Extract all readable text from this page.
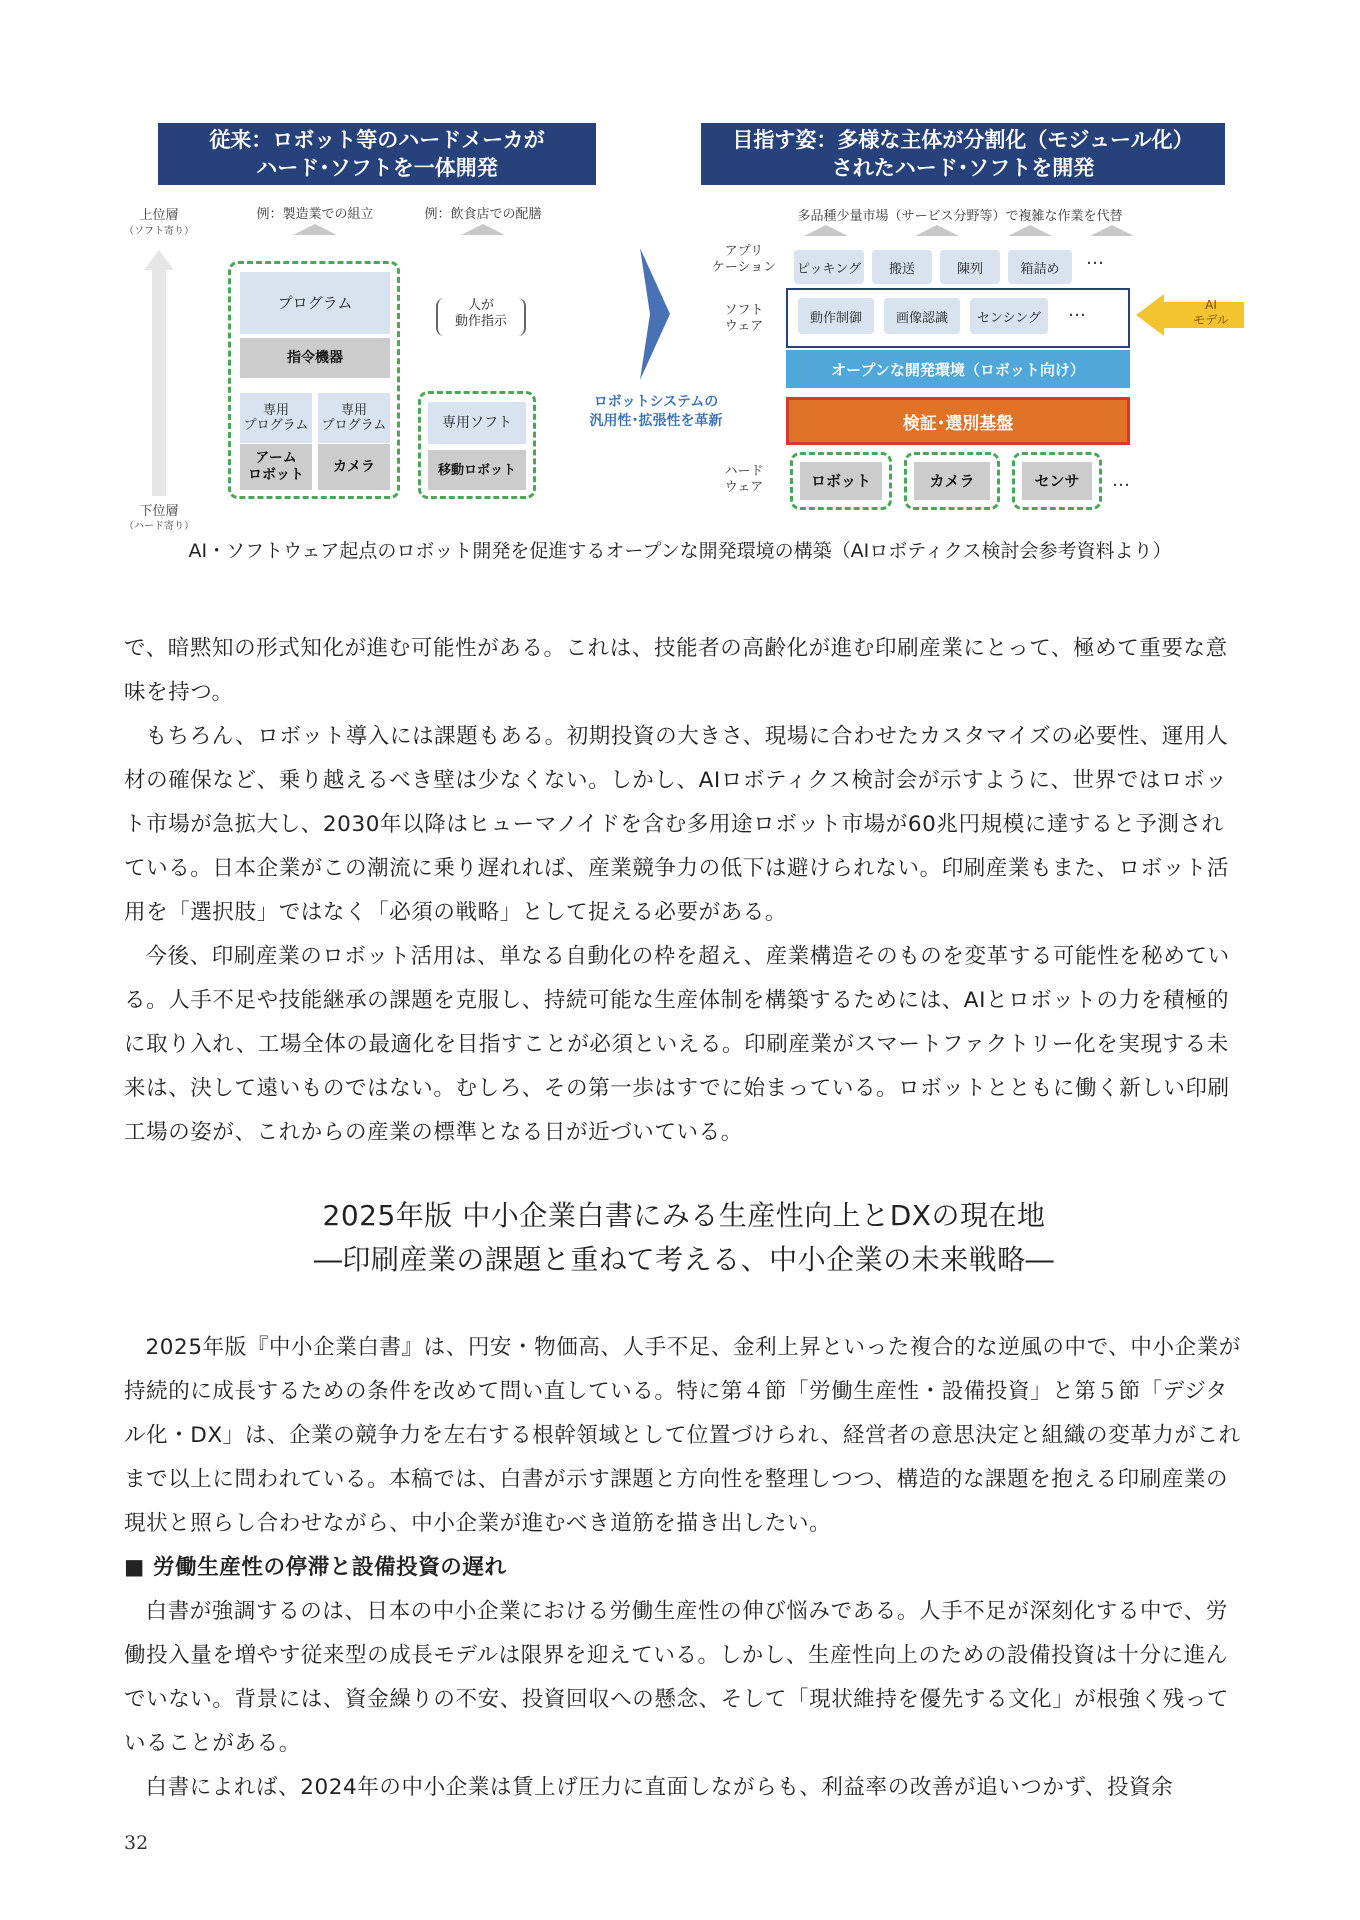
従来：ロボット等のハードメーカが
ハード･ソフトを一体開発
目指す姿：多様な主体が分割化（モジュール化）
されたハード･ソフトを開発
上位層
（ソフト寄り）
下位層
（ハード寄り）
例：製造業での組立	例：飲食店での配膳
プログラム
指令機器
専用
プログラム
アーム
ロボット
専用
プログラム
カメラ
人が
動作指示
専用ソフト
移動ロボット
ロボットシステムの
汎用性･拡張性を革新
多品種少量市場（サービス分野等）で複雑な作業を代替
アプリ
ケーション
ソフト
ウェア
ハード
ウェア
ピッキング	搬送	陳列	箱詰め	…
動作制御	画像認識	センシング	…	AI
モデル
オープンな開発環境（ロボット向け）
検証･選別基盤
ロボット	カメラ	センサ	…
AI・ソフトウェア起点のロボット開発を促進するオープンな開発環境の構築（AIロボティクス検討会参考資料より）

で、暗黙知の形式知化が進む可能性がある。これは、技能者の高齢化が進む印刷産業にとって、極めて重要な意味を持つ。

もちろん、ロボット導入には課題もある。初期投資の大きさ、現場に合わせたカスタマイズの必要性、運用人材の確保など、乗り越えるべき壁は少なくない。しかし、AIロボティクス検討会が示すように、世界ではロボット市場が急拡大し、2030年以降はヒューマノイドを含む多用途ロボット市場が60兆円規模に達すると予測されている。日本企業がこの潮流に乗り遅れれば、産業競争力の低下は避けられない。印刷産業もまた、ロボット活用を「選択肢」ではなく「必須の戦略」として捉える必要がある。

今後、印刷産業のロボット活用は、単なる自動化の枠を超え、産業構造そのものを変革する可能性を秘めている。人手不足や技能継承の課題を克服し、持続可能な生産体制を構築するためには、AIとロボットの力を積極的に取り入れ、工場全体の最適化を目指すことが必須といえる。印刷産業がスマートファクトリー化を実現する未来は、決して遠いものではない。むしろ、その第一歩はすでに始まっている。ロボットとともに働く新しい印刷工場の姿が、これからの産業の標準となる日が近づいている。

2025年版 中小企業白書にみる生産性向上とDXの現在地
―印刷産業の課題と重ねて考える、中小企業の未来戦略―

2025年版『中小企業白書』は、円安・物価高、人手不足、金利上昇といった複合的な逆風の中で、中小企業が持続的に成長するための条件を改めて問い直している。特に第４節「労働生産性・設備投資」と第５節「デジタル化・DX」は、企業の競争力を左右する根幹領域として位置づけられ、経営者の意思決定と組織の変革力がこれまで以上に問われている。本稿では、白書が示す課題と方向性を整理しつつ、構造的な課題を抱える印刷産業の現状と照らし合わせながら、中小企業が進むべき道筋を描き出したい。

■ 労働生産性の停滞と設備投資の遅れ

白書が強調するのは、日本の中小企業における労働生産性の伸び悩みである。人手不足が深刻化する中で、労働投入量を増やす従来型の成長モデルは限界を迎えている。しかし、生産性向上のための設備投資は十分に進んでいない。背景には、資金繰りの不安、投資回収への懸念、そして「現状維持を優先する文化」が根強く残っていることがある。

白書によれば、2024年の中小企業は賃上げ圧力に直面しながらも、利益率の改善が追いつかず、投資余

32
